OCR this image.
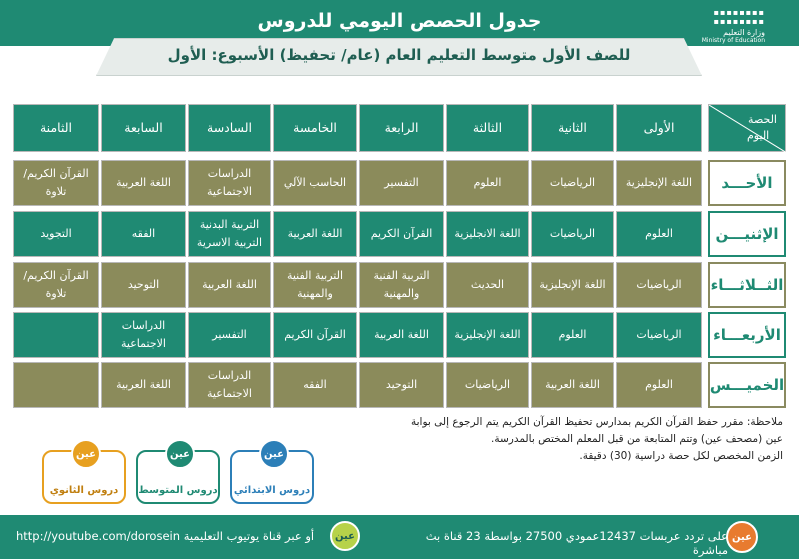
جدول الحصص اليومي للدروس	▪▪▪▪▪▪▪▪
▪▪▪▪▪▪▪▪
وزارة التعليم
Ministry of Education
للصف الأول متوسط التعليم العام (عام/ تحفيظ) الأسبوع: الأول
الحصة
اليوم
الأولى
الثانية
الثالثة
الرابعة
الخامسة
السادسة
السابعة
الثامنة
الأحـــد
اللغة الإنجليزية
الرياضيات
العلوم
التفسير
الحاسب الآلي
الدراسات الاجتماعية
اللغة العربية
القرآن الكريم/ تلاوة
الإثنيـــن
العلوم
الرياضيات
اللغة الانجليزية
القرآن الكريم
اللغة العربية
التربية البدنية التربية الاسرية
الفقه
التجويد
الثــلاثـــاء
الرياضيات
اللغة الإنجليزية
الحديث
التربية الفنية والمهنية
التربية الفنية والمهنية
اللغة العربية
التوحيد
القرآن الكريم/ تلاوة
الأربعـــاء
الرياضيات
العلوم
اللغة الإنجليزية
اللغة العربية
القرآن الكريم
التفسير
الدراسات الاجتماعية
الخميـــس
العلوم
اللغة العربية
الرياضيات
التوحيد
الفقه
الدراسات الاجتماعية
اللغة العربية
ملاحظة: مقرر حفظ القرآن الكريم بمدارس تحفيظ القرآن الكريم يتم الرجوع إلى بوابة
عين (مصحف عين) وتتم المتابعة من قبل المعلم المختص بالمدرسة.
الزمن المخصص لكل حصة دراسية (30) دقيقة.
عين
دروس الثانوي
عين
دروس المتوسط
عين
دروس الابتدائي
عين
على تردد عربسات 12437عمودي 27500 بواسطة 23 قناة بث مباشرة
عين
http://youtube.com/dorosein أو عبر قناة يوتيوب التعليمية
